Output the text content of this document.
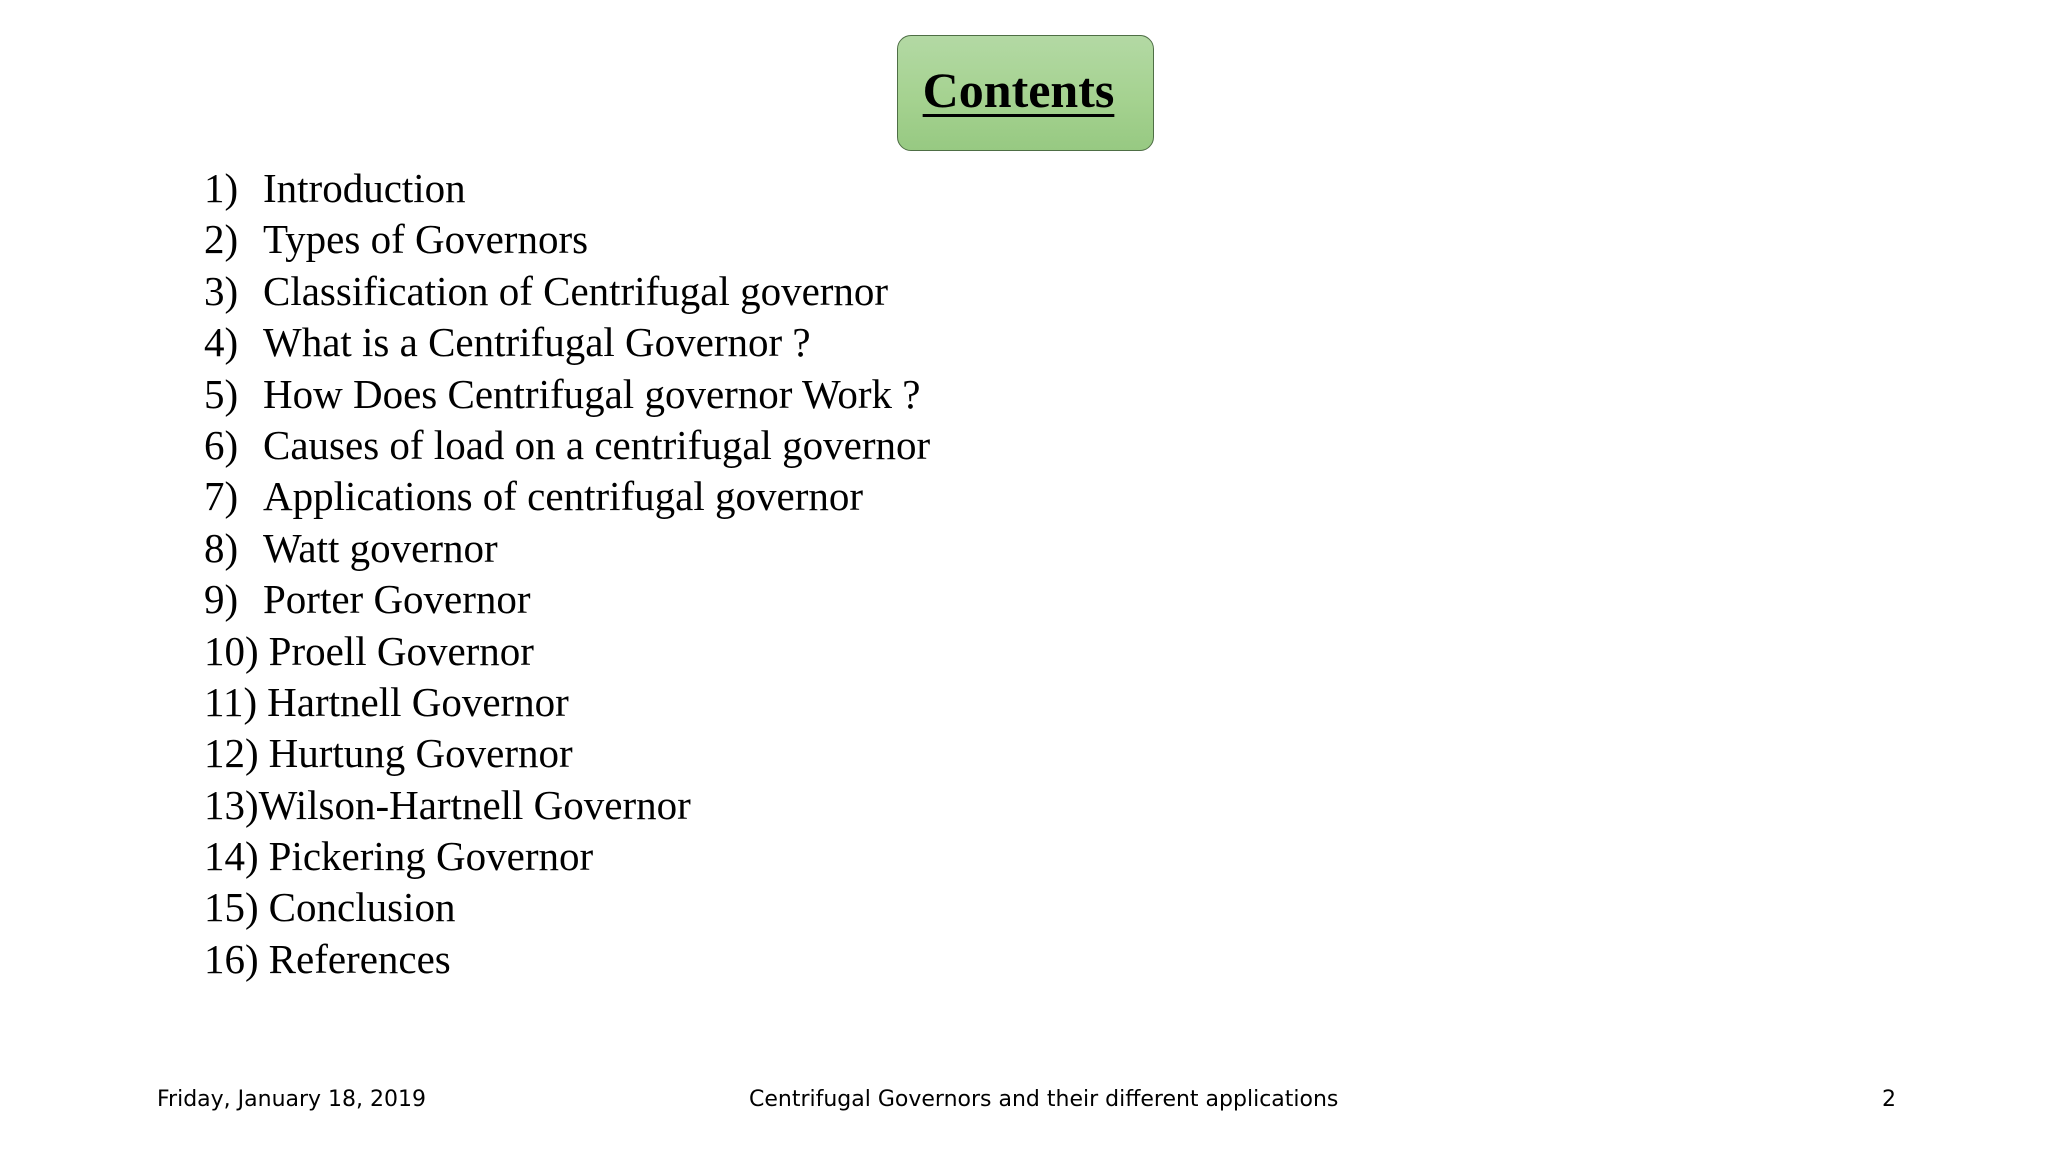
Contents
1) Introduction
2) Types of Governors
3) Classification of Centrifugal governor
4) What is a Centrifugal Governor ?
5) How Does Centrifugal governor Work ?
6) Causes of load on a centrifugal governor
7) Applications of centrifugal governor
8) Watt governor
9) Porter Governor
10) Proell Governor
11) Hartnell Governor
12) Hurtung Governor
13)Wilson-Hartnell Governor
14) Pickering Governor
15) Conclusion
16) References
Friday, January 18, 2019	Centrifugal Governors and their different applications	2
